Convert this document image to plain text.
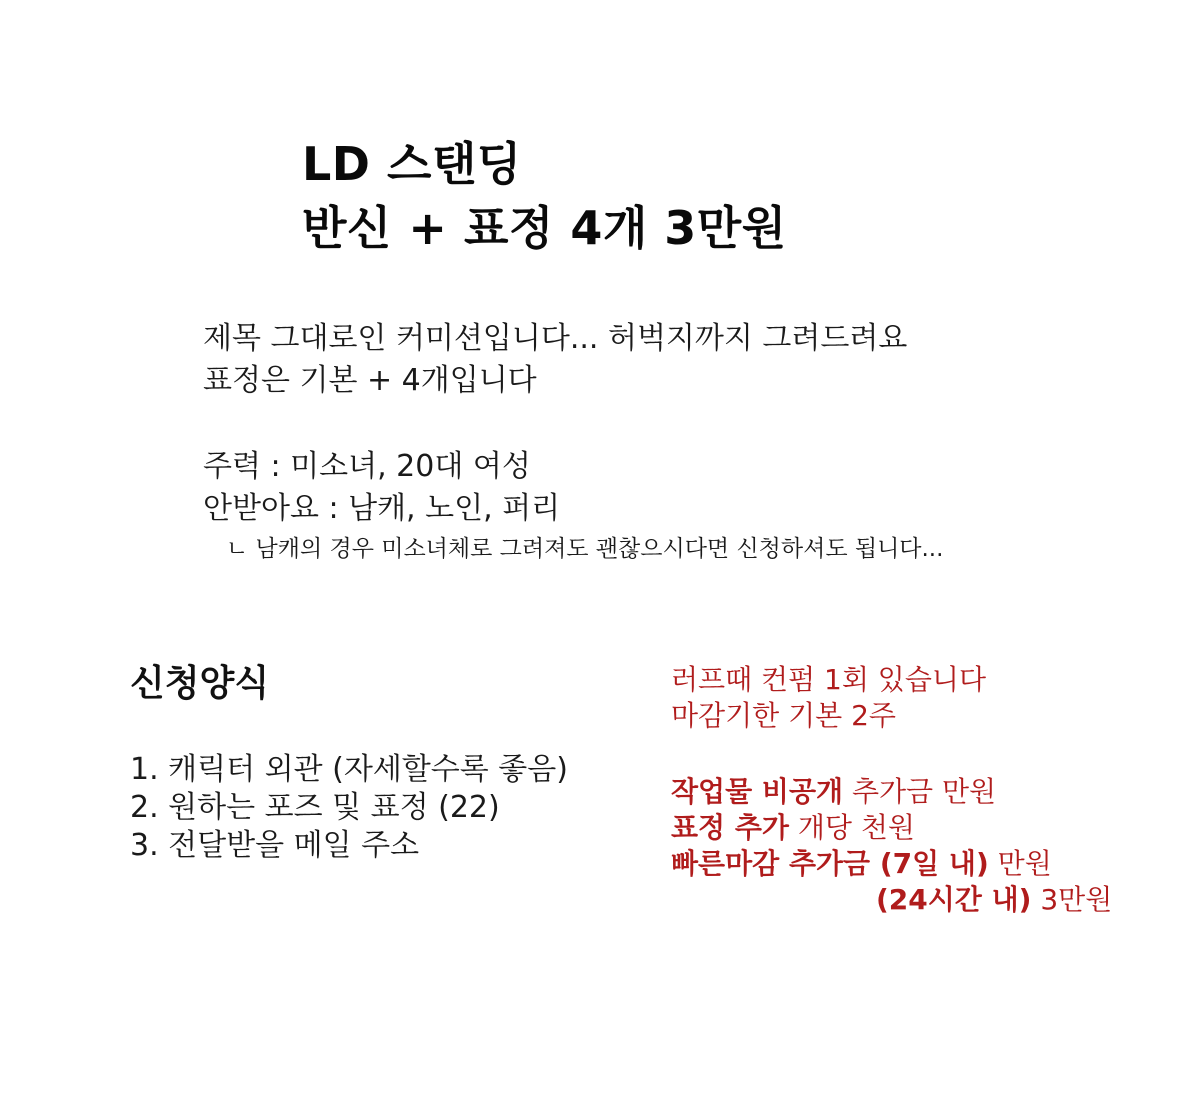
LD 스탠딩
반신 + 표정 4개 3만원
제목 그대로인 커미션입니다... 허벅지까지 그려드려요
표정은 기본 + 4개입니다
주력 : 미소녀, 20대 여성
안받아요 : 남캐, 노인, 퍼리
ㄴ 남캐의 경우 미소녀체로 그려져도 괜찮으시다면 신청하셔도 됩니다...
신청양식
1. 캐릭터 외관 (자세할수록 좋음)
2. 원하는 포즈 및 표정 (22)
3. 전달받을 메일 주소
러프때 컨펌 1회 있습니다
마감기한 기본 2주
작업물 비공개 추가금 만원
표정 추가 개당 천원
빠른마감 추가금 (7일 내) 만원
(24시간 내) 3만원
